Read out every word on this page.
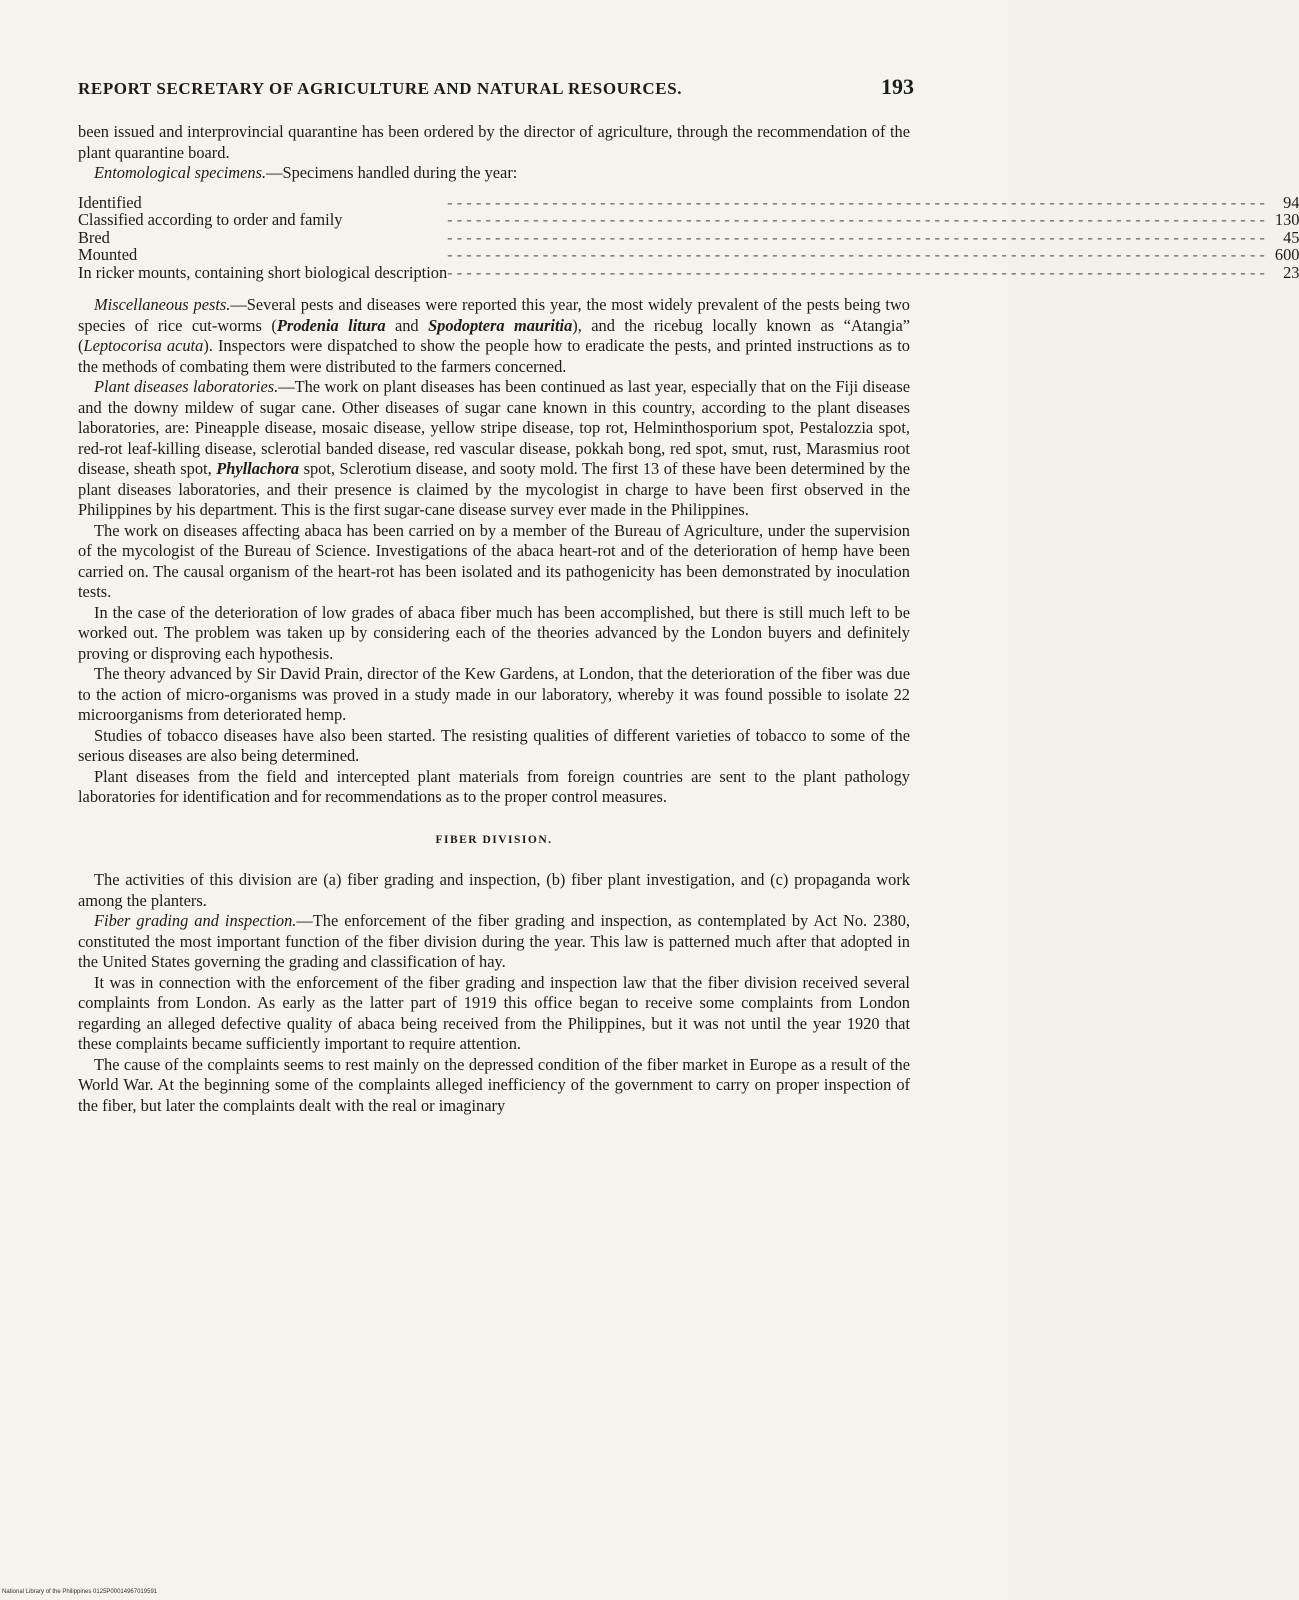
REPORT SECRETARY OF AGRICULTURE AND NATURAL RESOURCES.	193

been issued and interprovincial quarantine has been ordered by the director of agriculture, through the recommendation of the plant quarantine board.

Entomological specimens.—Specimens handled during the year:

Identified	- - -	94
Classified according to order and family	- - -	130
Bred	- - -	45
Mounted	- - -	600
In ricker mounts, containing short biological description	- - -	23

Miscellaneous pests.—Several pests and diseases were reported this year, the most widely prevalent of the pests being two species of rice cut-worms (Prodenia litura and Spodoptera mauritia), and the ricebug locally known as “Atangia” (Leptocorisa acuta). Inspectors were dispatched to show the people how to eradicate the pests, and printed instructions as to the methods of combating them were distributed to the farmers concerned.

Plant diseases laboratories.—The work on plant diseases has been continued as last year, especially that on the Fiji disease and the downy mildew of sugar cane. Other diseases of sugar cane known in this country, according to the plant diseases laboratories, are: Pineapple disease, mosaic disease, yellow stripe disease, top rot, Helminthosporium spot, Pestalozzia spot, red-rot leaf-killing disease, sclerotial banded disease, red vascular disease, pokkah bong, red spot, smut, rust, Marasmius root disease, sheath spot, Phyllachora spot, Sclerotium disease, and sooty mold. The first 13 of these have been determined by the plant diseases laboratories, and their presence is claimed by the mycologist in charge to have been first observed in the Philippines by his department. This is the first sugar-cane disease survey ever made in the Philippines.

The work on diseases affecting abaca has been carried on by a member of the Bureau of Agriculture, under the supervision of the mycologist of the Bureau of Science. Investigations of the abaca heart-rot and of the deterioration of hemp have been carried on. The causal organism of the heart-rot has been isolated and its pathogenicity has been demonstrated by inoculation tests.

In the case of the deterioration of low grades of abaca fiber much has been accomplished, but there is still much left to be worked out. The problem was taken up by considering each of the theories advanced by the London buyers and definitely proving or disproving each hypothesis.

The theory advanced by Sir David Prain, director of the Kew Gardens, at London, that the deterioration of the fiber was due to the action of micro-organisms was proved in a study made in our laboratory, whereby it was found possible to isolate 22 microorganisms from deteriorated hemp.

Studies of tobacco diseases have also been started. The resisting qualities of different varieties of tobacco to some of the serious diseases are also being determined.

Plant diseases from the field and intercepted plant materials from foreign countries are sent to the plant pathology laboratories for identification and for recommendations as to the proper control measures.

FIBER DIVISION.

The activities of this division are (a) fiber grading and inspection, (b) fiber plant investigation, and (c) propaganda work among the planters.

Fiber grading and inspection.—The enforcement of the fiber grading and inspection, as contemplated by Act No. 2380, constituted the most important function of the fiber division during the year. This law is patterned much after that adopted in the United States governing the grading and classification of hay.

It was in connection with the enforcement of the fiber grading and inspection law that the fiber division received several complaints from London. As early as the latter part of 1919 this office began to receive some complaints from London regarding an alleged defective quality of abaca being received from the Philippines, but it was not until the year 1920 that these complaints became sufficiently important to require attention.

The cause of the complaints seems to rest mainly on the depressed condition of the fiber market in Europe as a result of the World War. At the beginning some of the complaints alleged inefficiency of the government to carry on proper inspection of the fiber, but later the complaints dealt with the real or imaginary

National Library of the Philippines 0125P00014967019591
